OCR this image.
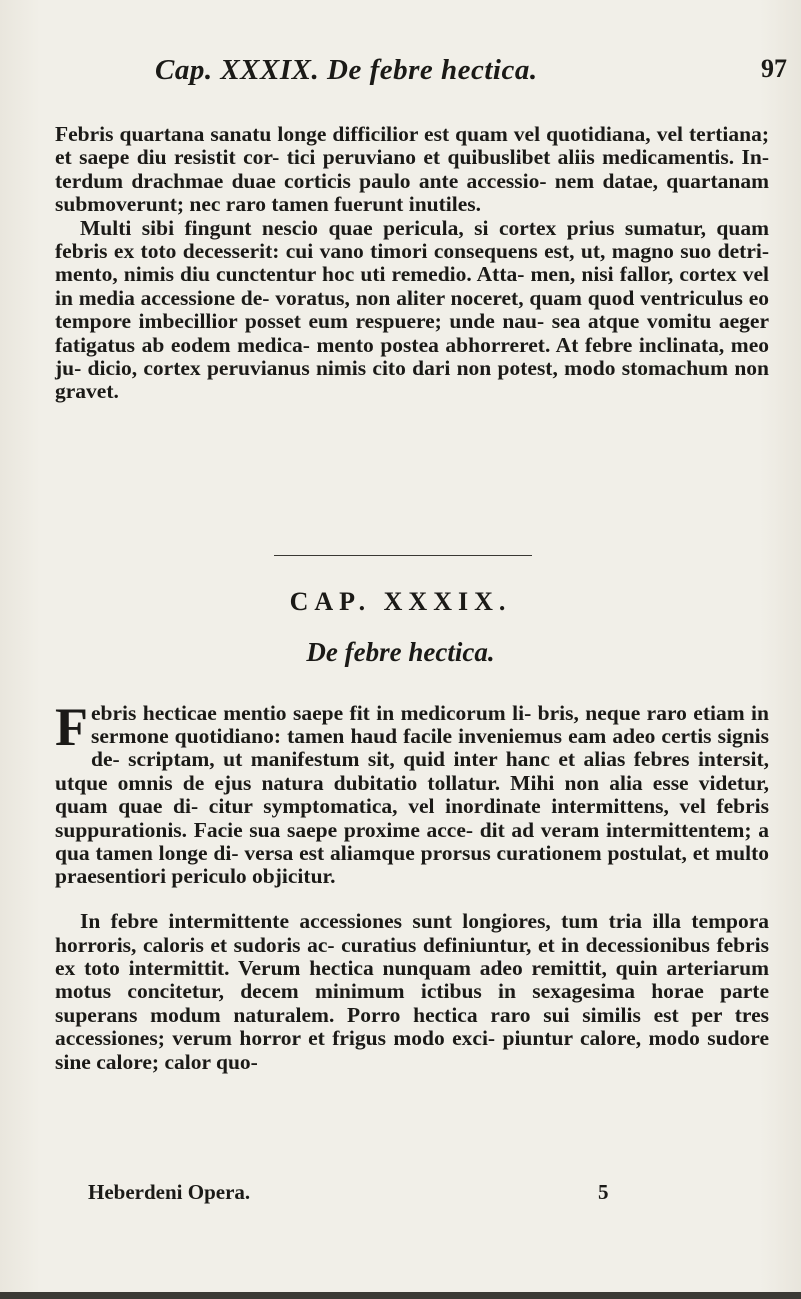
Cap. XXXIX. De febre hectica.	97

Febris quartana sanatu longe difficilior est quam vel quotidiana, vel tertiana; et saepe diu resistit cor- tici peruviano et quibuslibet aliis medicamentis. In- terdum drachmae duae corticis paulo ante accessio- nem datae, quartanam submoverunt; nec raro tamen fuerunt inutiles.

Multi sibi fingunt nescio quae pericula, si cortex prius sumatur, quam febris ex toto decesserit: cui vano timori consequens est, ut, magno suo detri- mento, nimis diu cunctentur hoc uti remedio. Atta- men, nisi fallor, cortex vel in media accessione de- voratus, non aliter noceret, quam quod ventriculus eo tempore imbecillior posset eum respuere; unde nau- sea atque vomitu aeger fatigatus ab eodem medica- mento postea abhorreret. At febre inclinata, meo ju- dicio, cortex peruvianus nimis cito dari non potest, modo stomachum non gravet.

CAP. XXXIX.
De febre hectica.

Febris hecticae mentio saepe fit in medicorum li- bris, neque raro etiam in sermone quotidiano: tamen haud facile inveniemus eam adeo certis signis de- scriptam, ut manifestum sit, quid inter hanc et alias febres intersit, utque omnis de ejus natura dubitatio tollatur. Mihi non alia esse videtur, quam quae di- citur symptomatica, vel inordinate intermittens, vel febris suppurationis. Facie sua saepe proxime acce- dit ad veram intermittentem; a qua tamen longe di- versa est aliamque prorsus curationem postulat, et multo praesentiori periculo objicitur.

In febre intermittente accessiones sunt longiores, tum tria illa tempora horroris, caloris et sudoris ac- curatius definiuntur, et in decessionibus febris ex toto intermittit. Verum hectica nunquam adeo remittit, quin arteriarum motus concitetur, decem minimum ictibus in sexagesima horae parte superans modum naturalem. Porro hectica raro sui similis est per tres accessiones; verum horror et frigus modo exci- piuntur calore, modo sudore sine calore; calor quo-

Heberdeni Opera.	5
